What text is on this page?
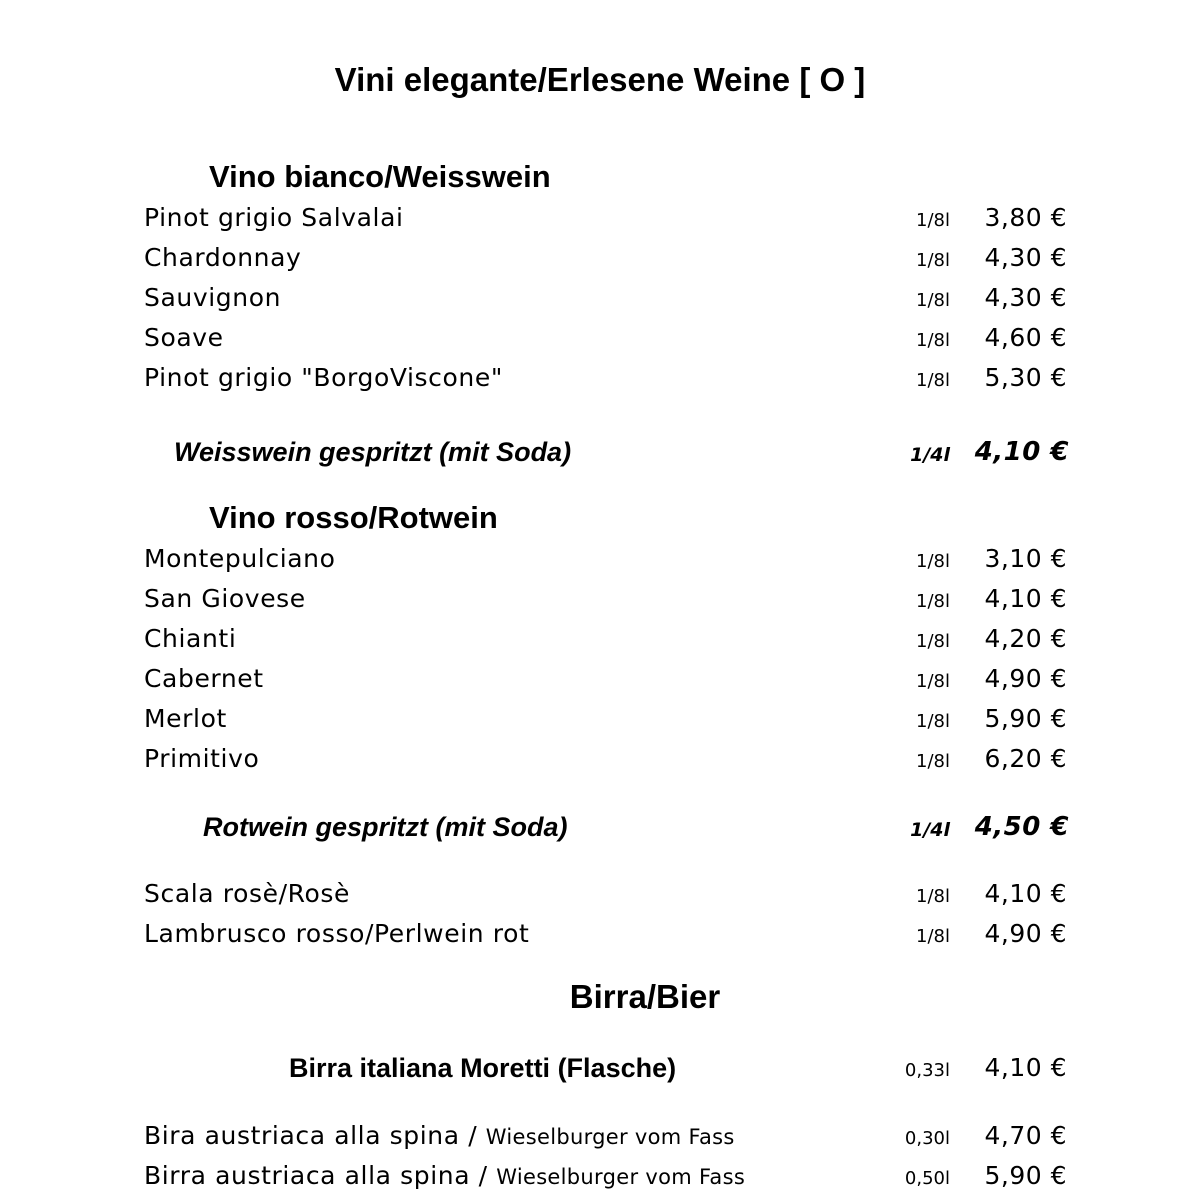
Vini elegante/Erlesene Weine [ O ]
Vino bianco/Weisswein
Pinot grigio Salvalai	1/8l 3,80 €
Chardonnay	1/8l 4,30 €
Sauvignon	1/8l 4,30 €
Soave	1/8l 4,60 €
Pinot grigio "BorgoViscone"	1/8l 5,30 €
Weisswein gespritzt (mit Soda)	1/4l 4,10 €
Vino rosso/Rotwein
Montepulciano	1/8l 3,10 €
San Giovese	1/8l 4,10 €
Chianti	1/8l 4,20 €
Cabernet	1/8l 4,90 €
Merlot	1/8l 5,90 €
Primitivo	1/8l 6,20 €
Rotwein gespritzt (mit Soda)	1/4l 4,50 €
Scala rosè/Rosè	1/8l 4,10 €
Lambrusco rosso/Perlwein rot	1/8l 4,90 €
Birra/Bier
Birra italiana Moretti (Flasche)	0,33l 4,10 €
Bira austriaca alla spina / Wieselburger vom Fass	0,30l 4,70 €
Birra austriaca alla spina / Wieselburger vom Fass	0,50l 5,90 €
